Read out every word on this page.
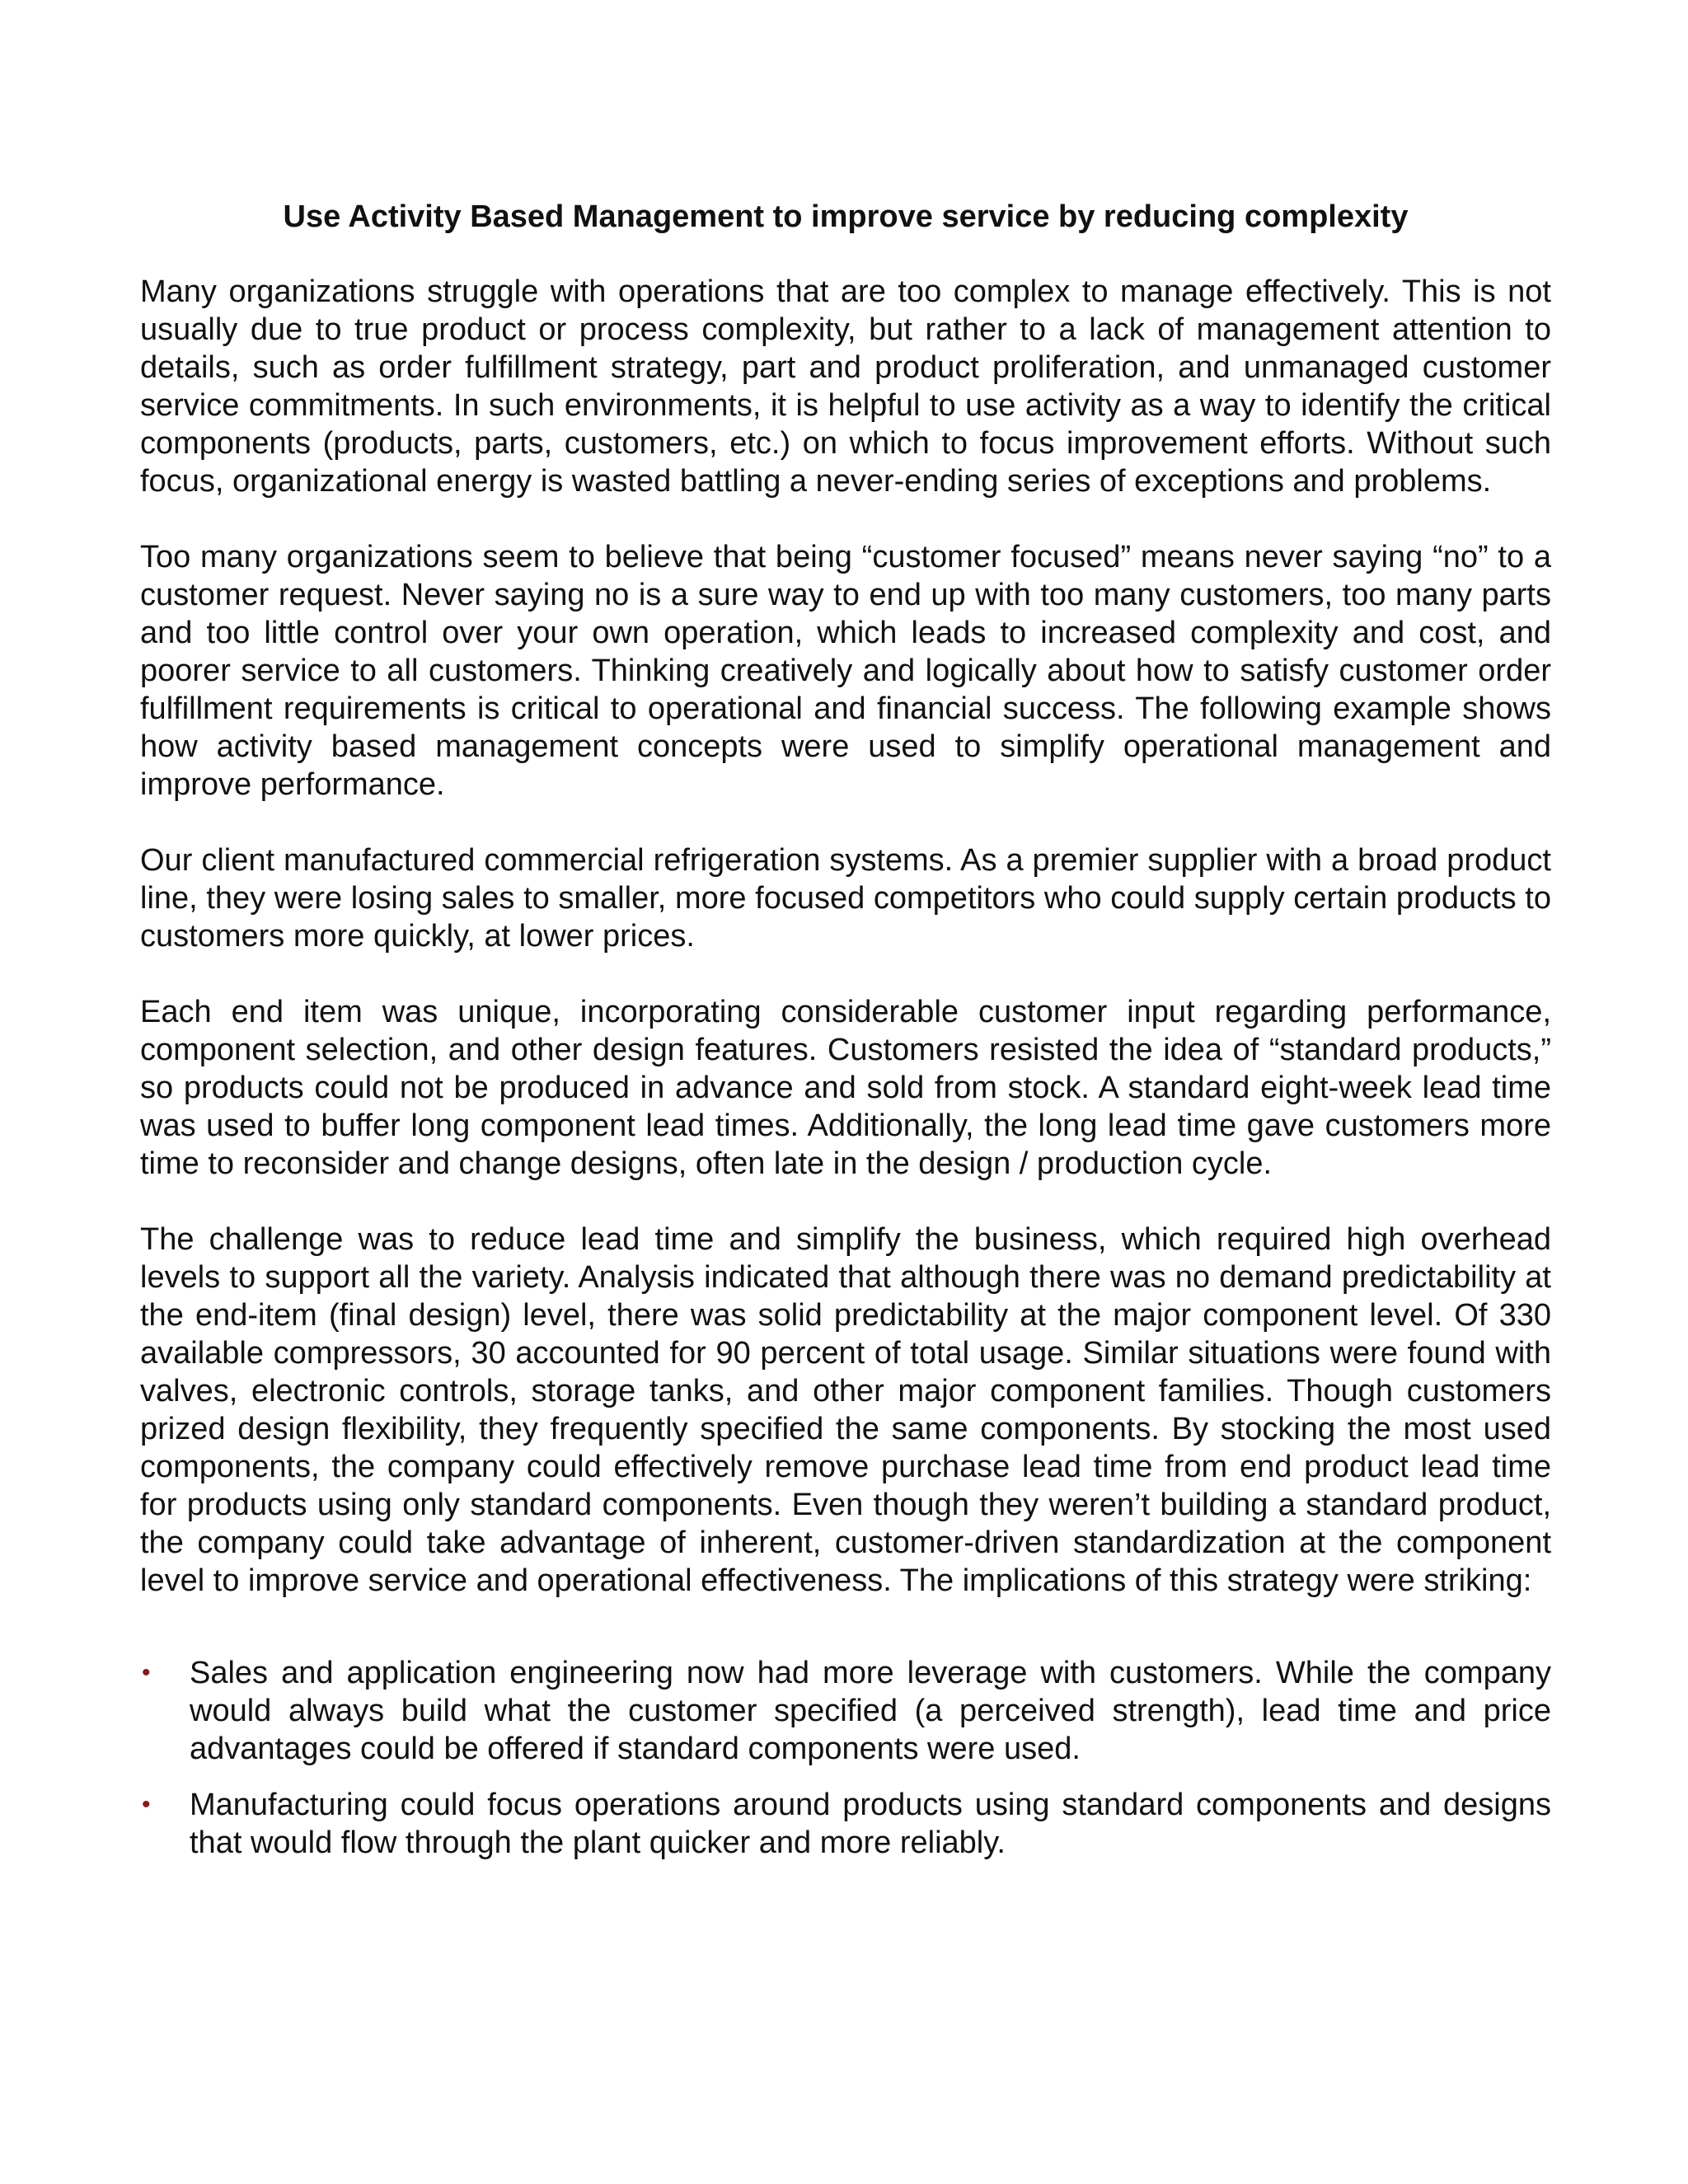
Use Activity Based Management to improve service by reducing complexity

Many organizations struggle with operations that are too complex to manage effectively. This is not usually due to true product or process complexity, but rather to a lack of management attention to details, such as order fulfillment strategy, part and product proliferation, and unmanaged customer service commitments. In such environments, it is helpful to use activity as a way to identify the critical components (products, parts, customers, etc.) on which to focus improvement efforts. Without such focus, organizational energy is wasted battling a never-ending series of exceptions and problems.

Too many organizations seem to believe that being “customer focused” means never saying “no” to a customer request. Never saying no is a sure way to end up with too many customers, too many parts and too little control over your own operation, which leads to increased complexity and cost, and poorer service to all customers. Thinking creatively and logically about how to satisfy customer order fulfillment requirements is critical to operational and financial success. The following example shows how activity based management concepts were used to simplify operational management and improve performance.

Our client manufactured commercial refrigeration systems. As a premier supplier with a broad product line, they were losing sales to smaller, more focused competitors who could supply certain products to customers more quickly, at lower prices.

Each end item was unique, incorporating considerable customer input regarding performance, component selection, and other design features. Customers resisted the idea of “standard products,” so products could not be produced in advance and sold from stock. A standard eight-week lead time was used to buffer long component lead times. Additionally, the long lead time gave customers more time to reconsider and change designs, often late in the design / production cycle.

The challenge was to reduce lead time and simplify the business, which required high overhead levels to support all the variety. Analysis indicated that although there was no demand predictability at the end-item (final design) level, there was solid predictability at the major component level. Of 330 available compressors, 30 accounted for 90 percent of total usage. Similar situations were found with valves, electronic controls, storage tanks, and other major component families. Though customers prized design flexibility, they frequently specified the same components. By stocking the most used components, the company could effectively remove purchase lead time from end product lead time for products using only standard components. Even though they weren’t building a standard product, the company could take advantage of inherent, customer-driven standardization at the component level to improve service and operational effectiveness. The implications of this strategy were striking:

•	Sales and application engineering now had more leverage with customers. While the company would always build what the customer specified (a perceived strength), lead time and price advantages could be offered if standard components were used.
•	Manufacturing could focus operations around products using standard components and designs that would flow through the plant quicker and more reliably.
